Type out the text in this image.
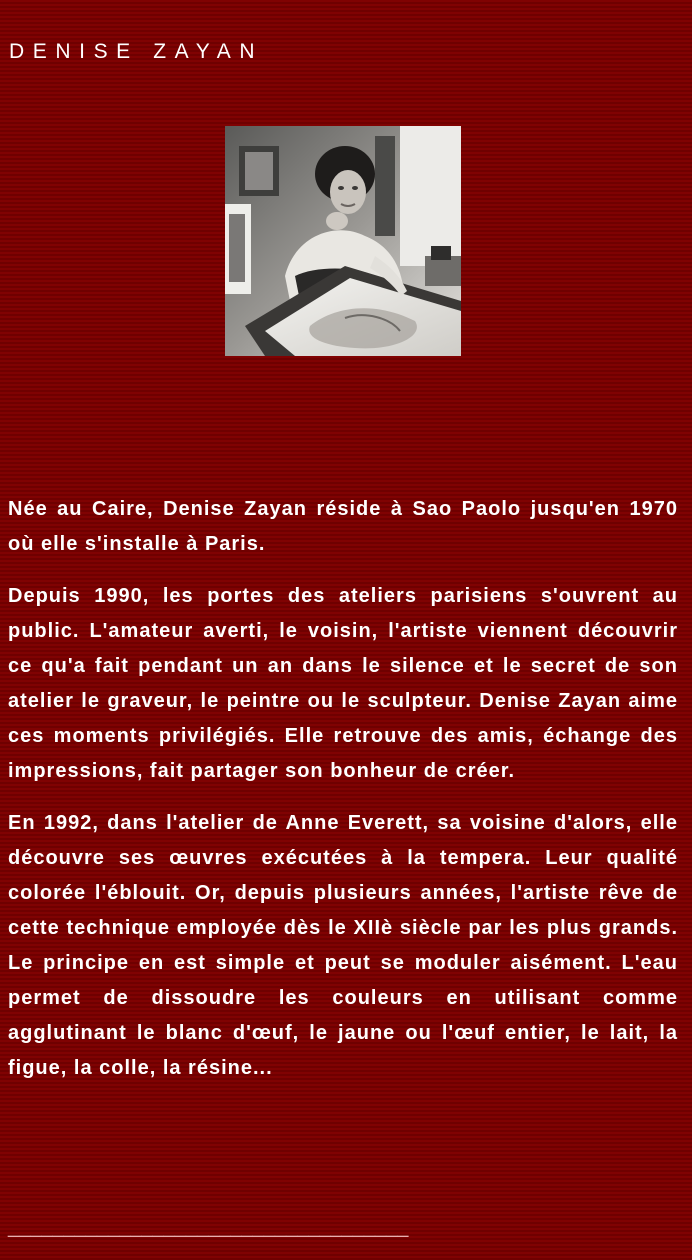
DENISE ZAYAN

Née au Caire, Denise Zayan réside à Sao Paolo jusqu'en 1970 où elle s'installe à Paris.

Depuis 1990, les portes des ateliers parisiens s'ouvrent au public. L'amateur averti, le voisin, l'artiste viennent découvrir ce qu'a fait pendant un an dans le silence et le secret de son atelier le graveur, le peintre ou le sculpteur. Denise Zayan aime ces moments privilégiés. Elle retrouve des amis, échange des impressions, fait partager son bonheur de créer.

En 1992, dans l'atelier de Anne Everett, sa voisine d'alors, elle découvre ses œuvres exécutées à la tempera. Leur qualité colorée l'éblouit. Or, depuis plusieurs années, l'artiste rêve de cette technique employée dès le XIIè siècle par les plus grands. Le principe en est simple et peut se moduler aisément. L'eau permet de dissoudre les couleurs en utilisant comme agglutinant le blanc d'œuf, le jaune ou l'œuf entier, le lait, la figue, la colle, la résine...

____________________________________
